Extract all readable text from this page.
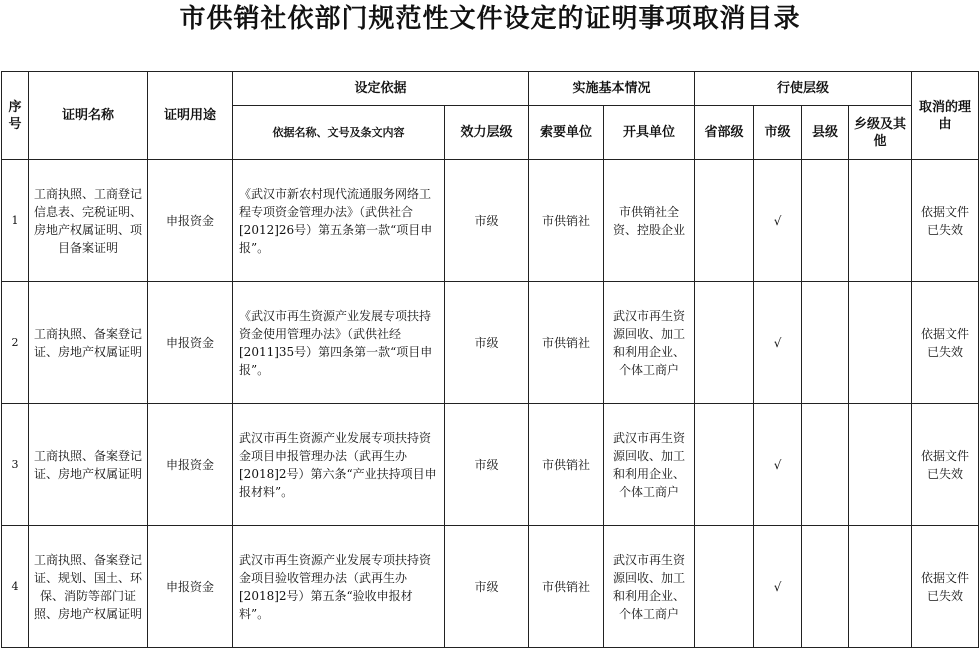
市供销社依部门规范性文件设定的证明事项取消目录
序号	证明名称	证明用途	设定依据		实施基本情况		行使层级				取消的理由
			依据名称、文号及条文内容	效力层级	索要单位	开具单位	省部级	市级	县级	乡级及其他	
1	工商执照、工商登记信息表、完税证明、房地产权属证明、项目备案证明	申报资金	《武汉市新农村现代流通服务网络工程专项资金管理办法》（武供社合[2012]26号）第五条第一款“项目申报”。	市级	市供销社	市供销社全资、控股企业		√			依据文件已失效
2	工商执照、备案登记证、房地产权属证明	申报资金	《武汉市再生资源产业发展专项扶持资金使用管理办法》（武供社经[2011]35号）第四条第一款“项目申报”。	市级	市供销社	武汉市再生资源回收、加工和利用企业、个体工商户		√			依据文件已失效
3	工商执照、备案登记证、房地产权属证明	申报资金	武汉市再生资源产业发展专项扶持资金项目申报管理办法（武再生办[2018]2号）第六条“产业扶持项目申报材料”。	市级	市供销社	武汉市再生资源回收、加工和利用企业、个体工商户		√			依据文件已失效
4	工商执照、备案登记证、规划、国土、环保、消防等部门证照、房地产权属证明	申报资金	武汉市再生资源产业发展专项扶持资金项目验收管理办法（武再生办[2018]2号）第五条“验收申报材料”。	市级	市供销社	武汉市再生资源回收、加工和利用企业、个体工商户		√			依据文件已失效
